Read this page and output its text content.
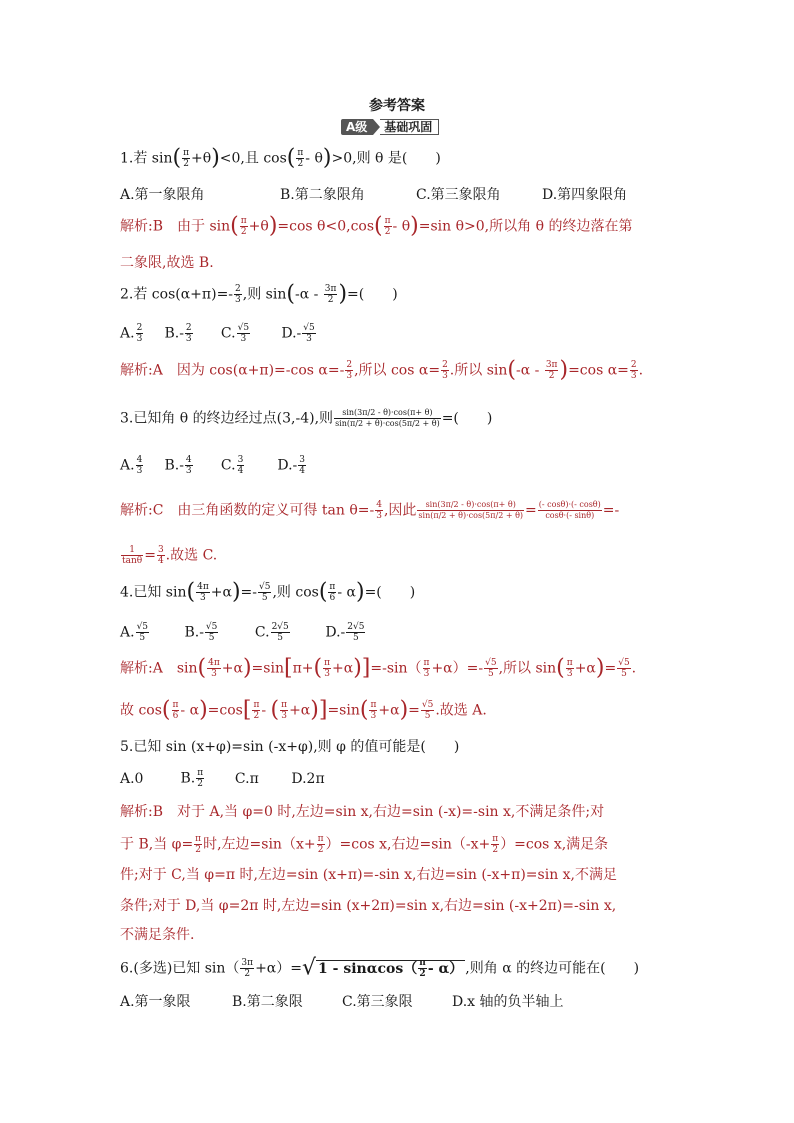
参考答案
A级	基础巩固
1.若 $\sin( \frac{\pi}{2} +\theta)<0$,且 $\cos( \frac{\pi}{2} - \theta)>0$,则 θ 是(　　)
A.第一象限角	B.第二象限角	C.第三象限角	D.第四象限角
解析:B　由于 $\sin( \frac{\pi}{2} +\theta)=\cos$ $\theta<0,\cos( \frac{\pi}{2} - \theta)=\sin$ θ>0,所以角 θ 的终边落在第
二象限,故选 B.
2.若 $\cos(\alpha+\pi)=- \frac{2}{3}$ ,则 $\sin(-\alpha - \frac{3\pi}{2}$ )=(　　)
A. $\frac{2}{3} B.- \frac{2}{3} C$. $\frac{√5}{3} D.- \frac{√5}{3}$
解析:A　因为 cos(α+π)=-cos $\alpha=- \frac{2}{3}$ ,所以 $\cos \alpha= \frac{2}{3}$ .所以 $\sin(-\alpha - \frac{3\pi}{2} )=\cos$ $\alpha= \frac{2}{3}$ .
3.已知角 θ 的终边经过点(3,-4),则 $\frac{\sin(3\pi/2 - \theta)\cdot\cos(\pi+ \theta)}{\sin(\pi/2 + \theta)\cdot\cos(5\pi/2 + \theta)}$ =(　　)
A. $\frac{4}{3} B.- \frac{4}{3} C$. $\frac{3}{4} D.- \frac{3}{4}$
解析:C　由三角函数的定义可得 $\tan \theta=- \frac{4}{3}$ ,因此 $\frac{\sin(3\pi/2 - \theta)\cdot\cos(\pi+ \theta)}{\sin(\pi/2 + \theta)\cdot\cos(5\pi/2 + \theta)} = \frac{(- \cos\theta)\cdot(- \cos\theta)}{\cos\theta\cdot(- \sin\theta)}$ =-
$\frac{1}{\tan\theta} = \frac{3}{4}$ .故选 C.
4.已知 $\sin( \frac{4\pi}{3} +\alpha)=- \frac{√5}{5}$ ,则 $\cos( \frac{\pi}{6} - \alpha)=$(　　)
A. $\frac{√5}{5}$	$B.- \frac{√5}{5}$	C. $\frac{2√5}{5}$	$D.- \frac{2√5}{5}$
解析:A　$\sin( \frac{4\pi}{3} +\alpha)=\sin[\pi+( \frac{\pi}{3} +\alpha)]=-\sin( \frac{\pi}{3} +\alpha)=- \frac{√5}{5}$ ,所以 $\sin( \frac{\pi}{3} +\alpha)= \frac{√5}{5}$ .
故 $\cos( \frac{\pi}{6} - \alpha)=\cos[ \frac{\pi}{2}$ - ( $\frac{\pi}{3} +\alpha)]=\sin( \frac{\pi}{3} +\alpha)= \frac{√5}{5}$ .故选 A.
5.已知 sin (x+φ)=sin (-x+φ),则 φ 的值可能是(　　)
A.0	B. $\frac{\pi}{2} C.\pi$ D.2π
解析:B　对于 A,当 φ=0 时,左边=sin x,右边=sin (-x)=-sin x,不满足条件;对
于 B,当 $\varphi= \frac{\pi}{2}$ 时,左边$=\sin(x+ \frac{\pi}{2} )=\cos$ x,右边$=\sin(-x+ \frac{\pi}{2} )=\cos$ x,满足条
件;对于 C,当 φ=π 时,左边=sin (x+π)=-sin x,右边=sin (-x+π)=sin x,不满足
条件;对于 D,当 φ=2π 时,左边=sin (x+2π)=sin x,右边=sin (-x+2π)=-sin x,
不满足条件.
6.(多选)已知 $\sin( \frac{3\pi}{2} +\alpha)=√$ $1 - \sin\alpha\cos( \frac{\pi}{2} - \alpha)$ ,则角 α 的终边可能在(　　)
A.第一象限	B.第二象限	C.第三象限	D.x 轴的负半轴上
